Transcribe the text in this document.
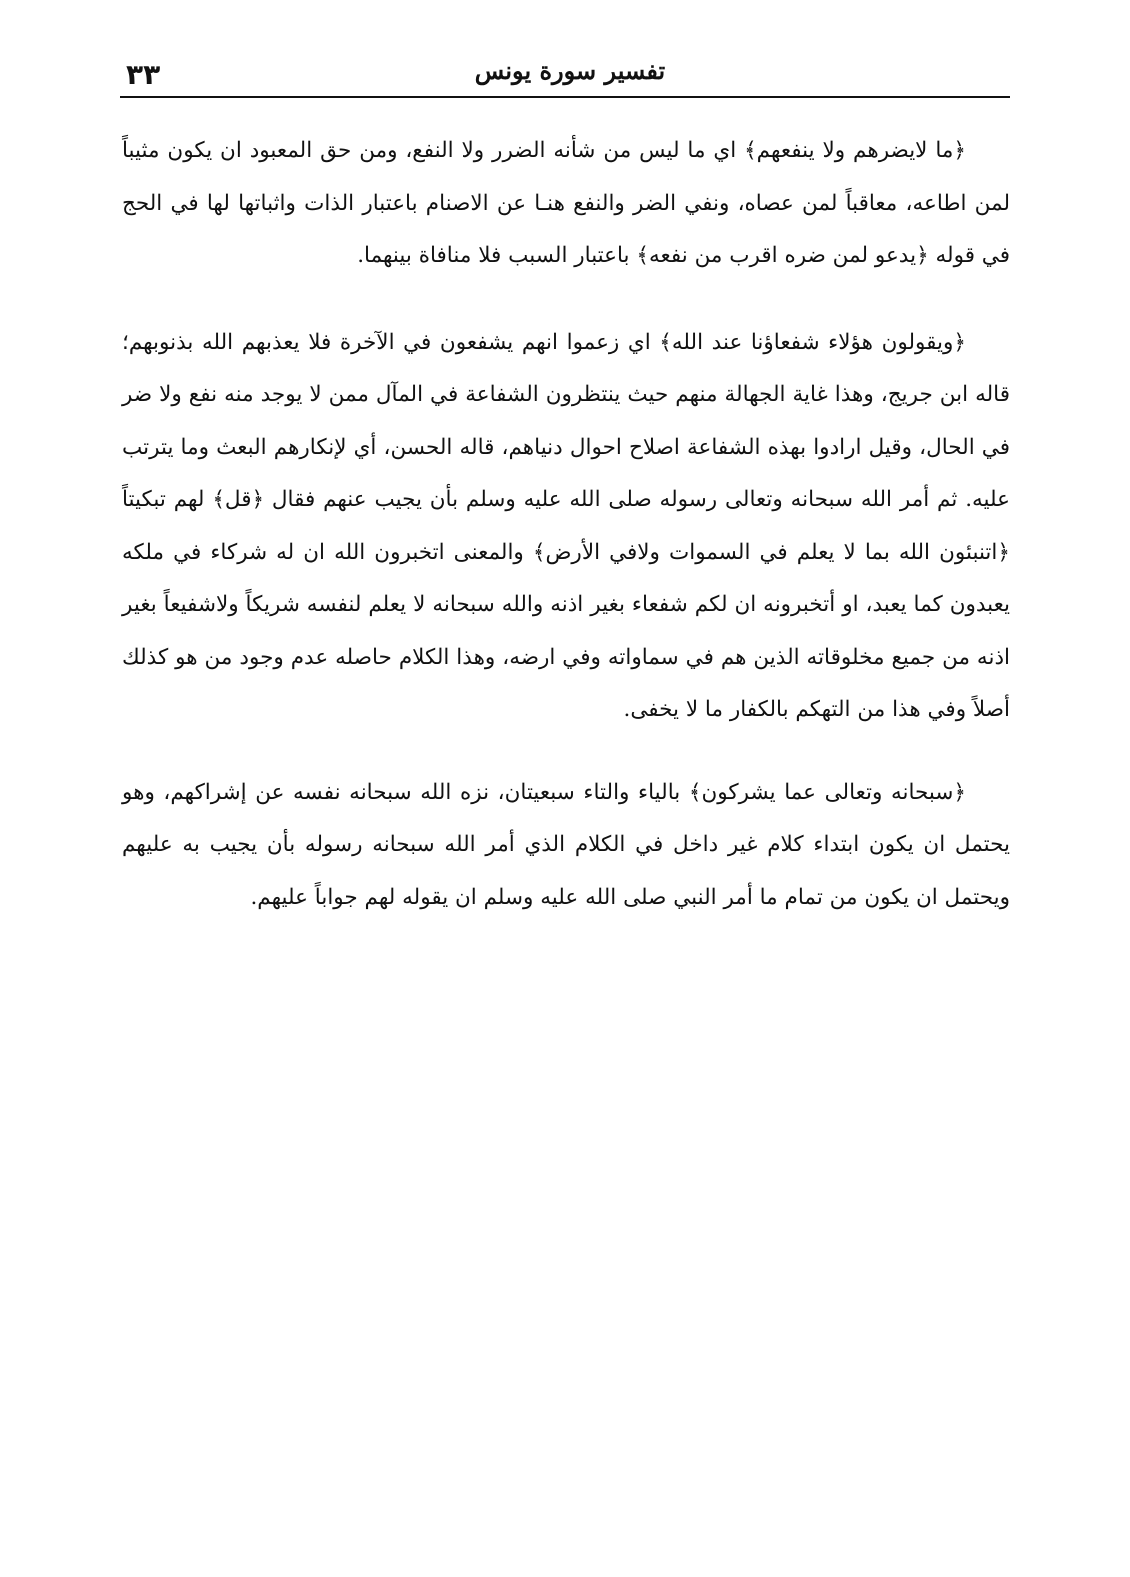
٣٣	تفسير سورة يونس

﴿ما لايضرهم ولا ينفعهم﴾ اي ما ليس من شأنه الضرر ولا النفع، ومن حق المعبود ان يكون مثيباً لمن اطاعه، معاقباً لمن عصاه، ونفي الضر والنفع هنـا عن الاصنام باعتبار الذات واثباتها لها في الحج في قوله ﴿يدعو لمن ضره اقرب من نفعه﴾ باعتبار السبب فلا منافاة بينهما.

﴿ويقولون هؤلاء شفعاؤنا عند الله﴾ اي زعموا انهم يشفعون في الآخرة فلا يعذبهم الله بذنوبهم؛ قاله ابن جريج، وهذا غاية الجهالة منهم حيث ينتظرون الشفاعة في المآل ممن لا يوجد منه نفع ولا ضر في الحال، وقيل ارادوا بهذه الشفاعة اصلاح احوال دنياهم، قاله الحسن، أي لإنكارهم البعث وما يترتب عليه. ثم أمر الله سبحانه وتعالى رسوله صلى الله عليه وسلم بأن يجيب عنهم فقال ﴿قل﴾ لهم تبكيتاً ﴿اتنبئون الله بما لا يعلم في السموات ولافي الأرض﴾ والمعنى اتخبرون الله ان له شركاء في ملكه يعبدون كما يعبد، او أتخبرونه ان لكم شفعاء بغير اذنه والله سبحانه لا يعلم لنفسه شريكاً ولاشفيعاً بغير اذنه من جميع مخلوقاته الذين هم في سماواته وفي ارضه، وهذا الكلام حاصله عدم وجود من هو كذلك أصلاً وفي هذا من التهكم بالكفار ما لا يخفى.

﴿سبحانه وتعالى عما يشركون﴾ بالياء والتاء سبعيتان، نزه الله سبحانه نفسه عن إشراكهم، وهو يحتمل ان يكون ابتداء كلام غير داخل في الكلام الذي أمر الله سبحانه رسوله بأن يجيب به عليهم ويحتمل ان يكون من تمام ما أمر النبي صلى الله عليه وسلم ان يقوله لهم جواباً عليهم.
